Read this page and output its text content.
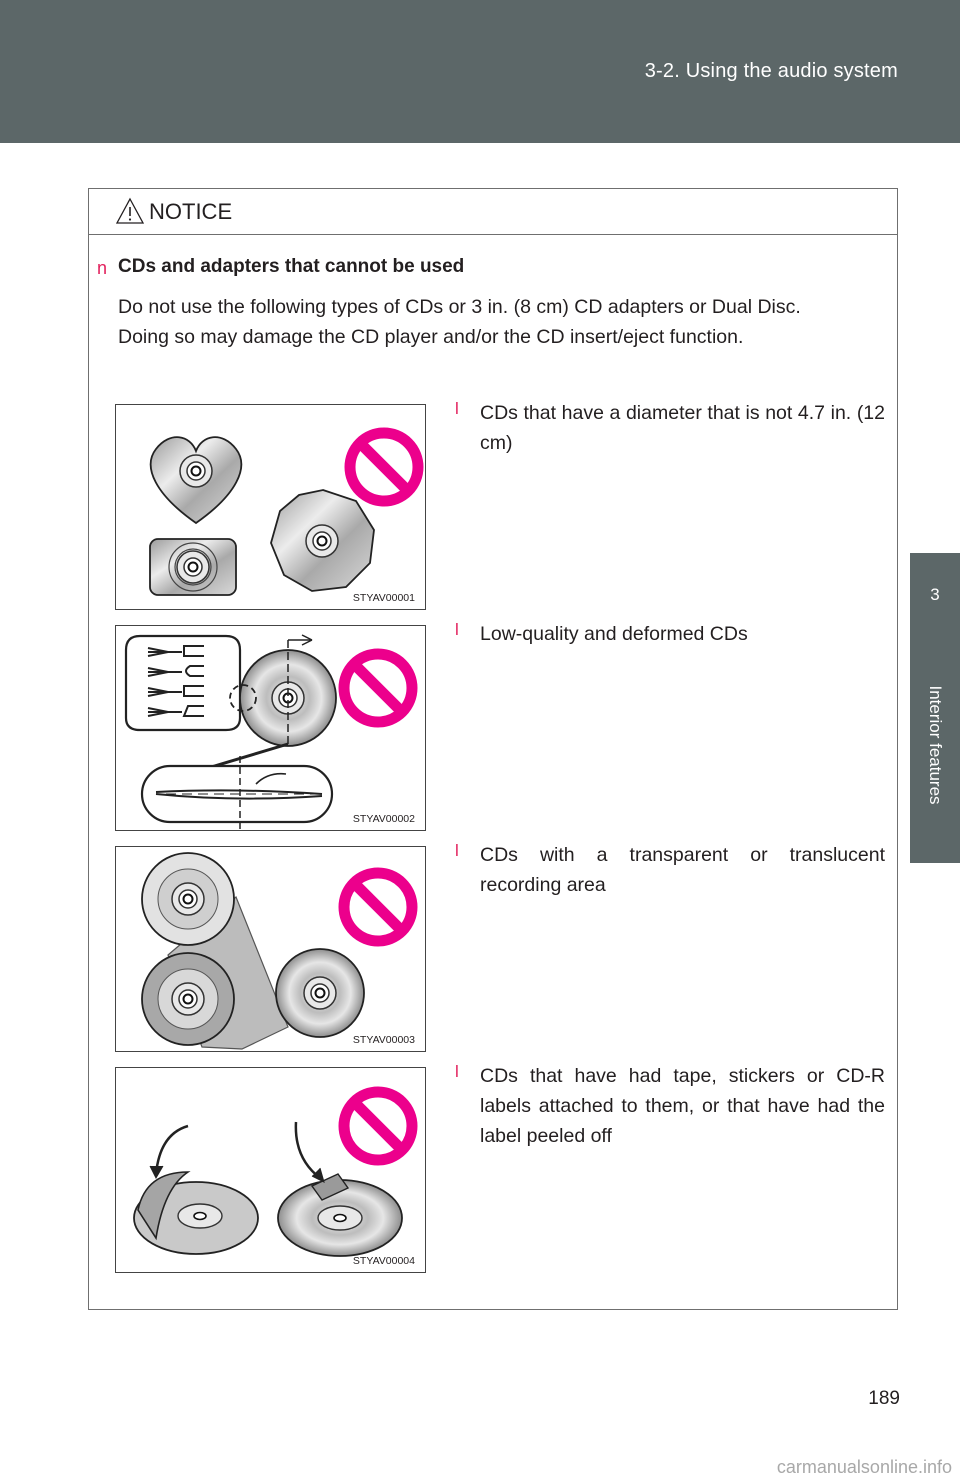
3-2. Using the audio system
3
Interior features
NOTICE
n CDs and adapters that cannot be used

Do not use the following types of CDs or 3 in. (8 cm) CD adapters or Dual Disc.

Doing so may damage the CD player and/or the CD insert/eject function.

STYAV00001
l CDs that have a diameter that is not 4.7 in. (12 cm)
STYAV00002
l Low-quality and deformed CDs
STYAV00003
l CDs with a transparent or translucent recording area
STYAV00004
l CDs that have had tape, stickers or CD-R labels attached to them, or that have had the label peeled off
189
carmanualsonline.info
